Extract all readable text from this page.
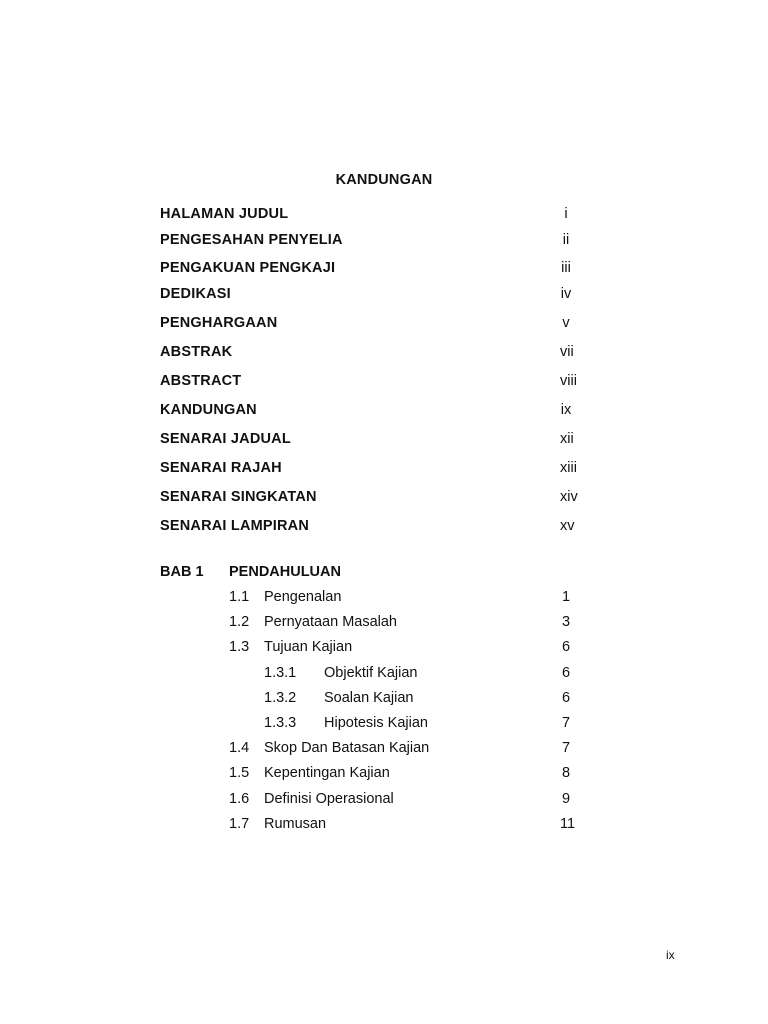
KANDUNGAN
HALAMAN JUDUL	i
PENGESAHAN PENYELIA	ii
PENGAKUAN PENGKAJI	iii
DEDIKASI	iv
PENGHARGAAN	v
ABSTRAK	vii
ABSTRACT	viii
KANDUNGAN	ix
SENARAI JADUAL	xii
SENARAI RAJAH	xiii
SENARAI SINGKATAN	xiv
SENARAI LAMPIRAN	xv
BAB 1 PENDAHULUAN
1.1 Pengenalan	1
1.2 Pernyataan Masalah	3
1.3 Tujuan Kajian	6
1.3.1 Objektif Kajian	6
1.3.2 Soalan Kajian	6
1.3.3 Hipotesis Kajian	7
1.4 Skop Dan Batasan Kajian	7
1.5 Kepentingan Kajian	8
1.6 Definisi Operasional	9
1.7 Rumusan	11
ix
